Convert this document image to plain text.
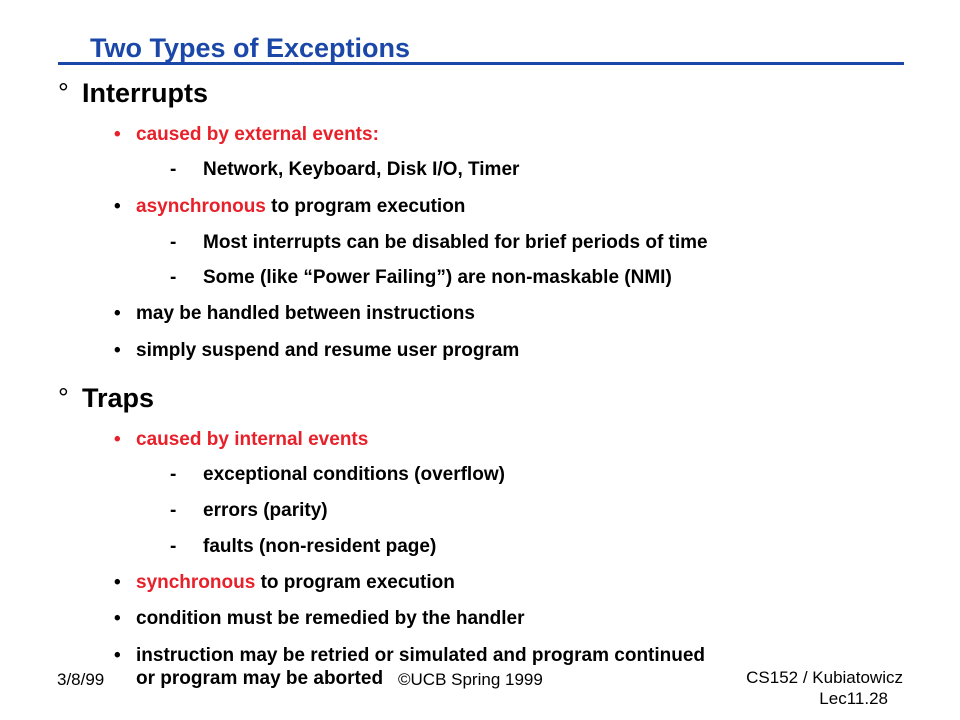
Two Types of Exceptions
° Interrupts
• caused by external events:
- Network, Keyboard, Disk I/O, Timer
• asynchronous to program execution
- Most interrupts can be disabled for brief periods of time
- Some (like “Power Failing”) are non-maskable (NMI)
• may be handled between instructions
• simply suspend and resume user program
° Traps
• caused by internal events
- exceptional conditions (overflow)
- errors (parity)
- faults (non-resident page)
• synchronous to program execution
• condition must be remedied by the handler
• instruction may be retried or simulated and program continued
or program may be aborted
3/8/99	©UCB Spring 1999	CS152 / Kubiatowicz
Lec11.28
